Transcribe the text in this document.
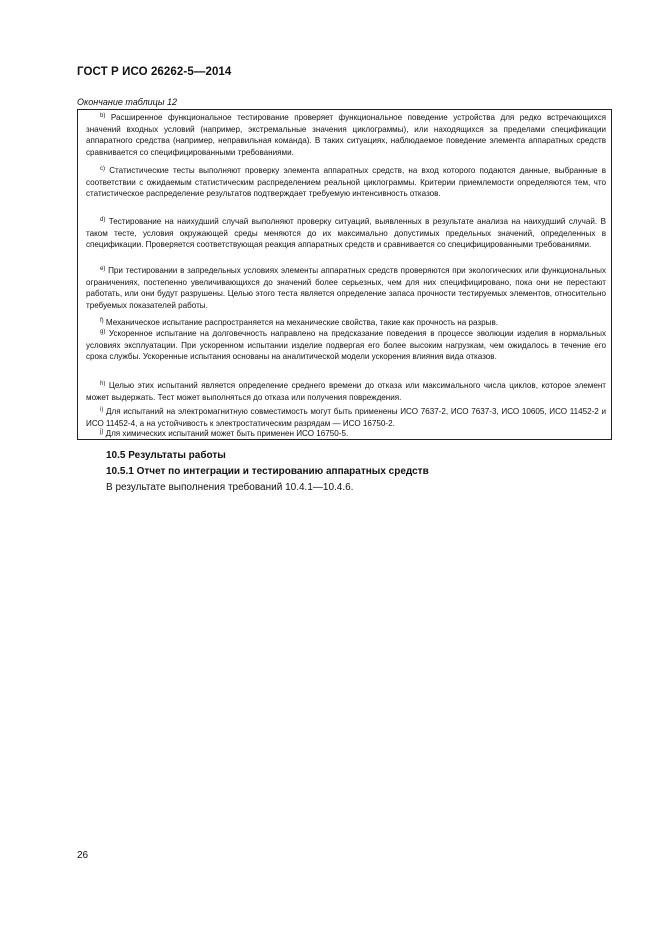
ГОСТ Р ИСО 26262-5—2014
Окончание таблицы 12

$^{b)}$ Расширенное функциональное тестирование проверяет функциональное поведение устройства для редко встречающихся значений входных условий (например, экстремальные значения циклограммы), или находящихся за пределами спецификации аппаратного средства (например, неправильная команда). В таких ситуациях, наблюдаемое поведение элемента аппаратных средств сравнивается со специфицированными требованиями.

$^{c)}$ Статистические тесты выполняют проверку элемента аппаратных средств, на вход которого подаются данные, выбранные в соответствии с ожидаемым статистическим распределением реальной циклограммы. Критерии приемлемости определяются тем, что статистическое распределение результатов подтверждает требуемую интенсивность отказов.

$^{d)}$ Тестирование на наихудший случай выполняют проверку ситуаций, выявленных в результате анализа на наихудший случай. В таком тесте, условия окружающей среды меняются до их максимально допустимых предельных значений, определенных в спецификации. Проверяется соответствующая реакция аппаратных средств и сравнивается со специфицированными требованиями.

$^{e)}$ При тестировании в запредельных условиях элементы аппаратных средств проверяются при экологических или функциональных ограничениях, постепенно увеличивающихся до значений более серьезных, чем для них специфицировано, пока они не перестают работать, или они будут разрушены. Целью этого теста является определение запаса прочности тестируемых элементов, относительно требуемых показателей работы.

$^{f)}$ Механическое испытание распространяется на механические свойства, такие как прочность на разрыв.

$^{g)}$ Ускоренное испытание на долговечность направлено на предсказание поведения в процессе эволюции изделия в нормальных условиях эксплуатации. При ускоренном испытании изделие подвергая его более высоким нагрузкам, чем ожидалось в течение его срока службы. Ускоренные испытания основаны на аналитической модели ускорения влияния вида отказов.

$^{h)}$ Целью этих испытаний является определение среднего времени до отказа или максимального числа циклов, которое элемент может выдержать. Тест может выполняться до отказа или получения повреждения.

$^{i)}$ Для испытаний на электромагнитную совместимость могут быть применены ИСО 7637-2, ИСО 7637-3, ИСО 10605, ИСО 11452-2 и ИСО 11452-4, а на устойчивость к электростатическим разрядам — ИСО 16750-2.

$^{j)}$ Для химических испытаний может быть применен ИСО 16750-5.

10.5 Результаты работы
10.5.1 Отчет по интеграции и тестированию аппаратных средств
В результате выполнения требований 10.4.1—10.4.6.
26
